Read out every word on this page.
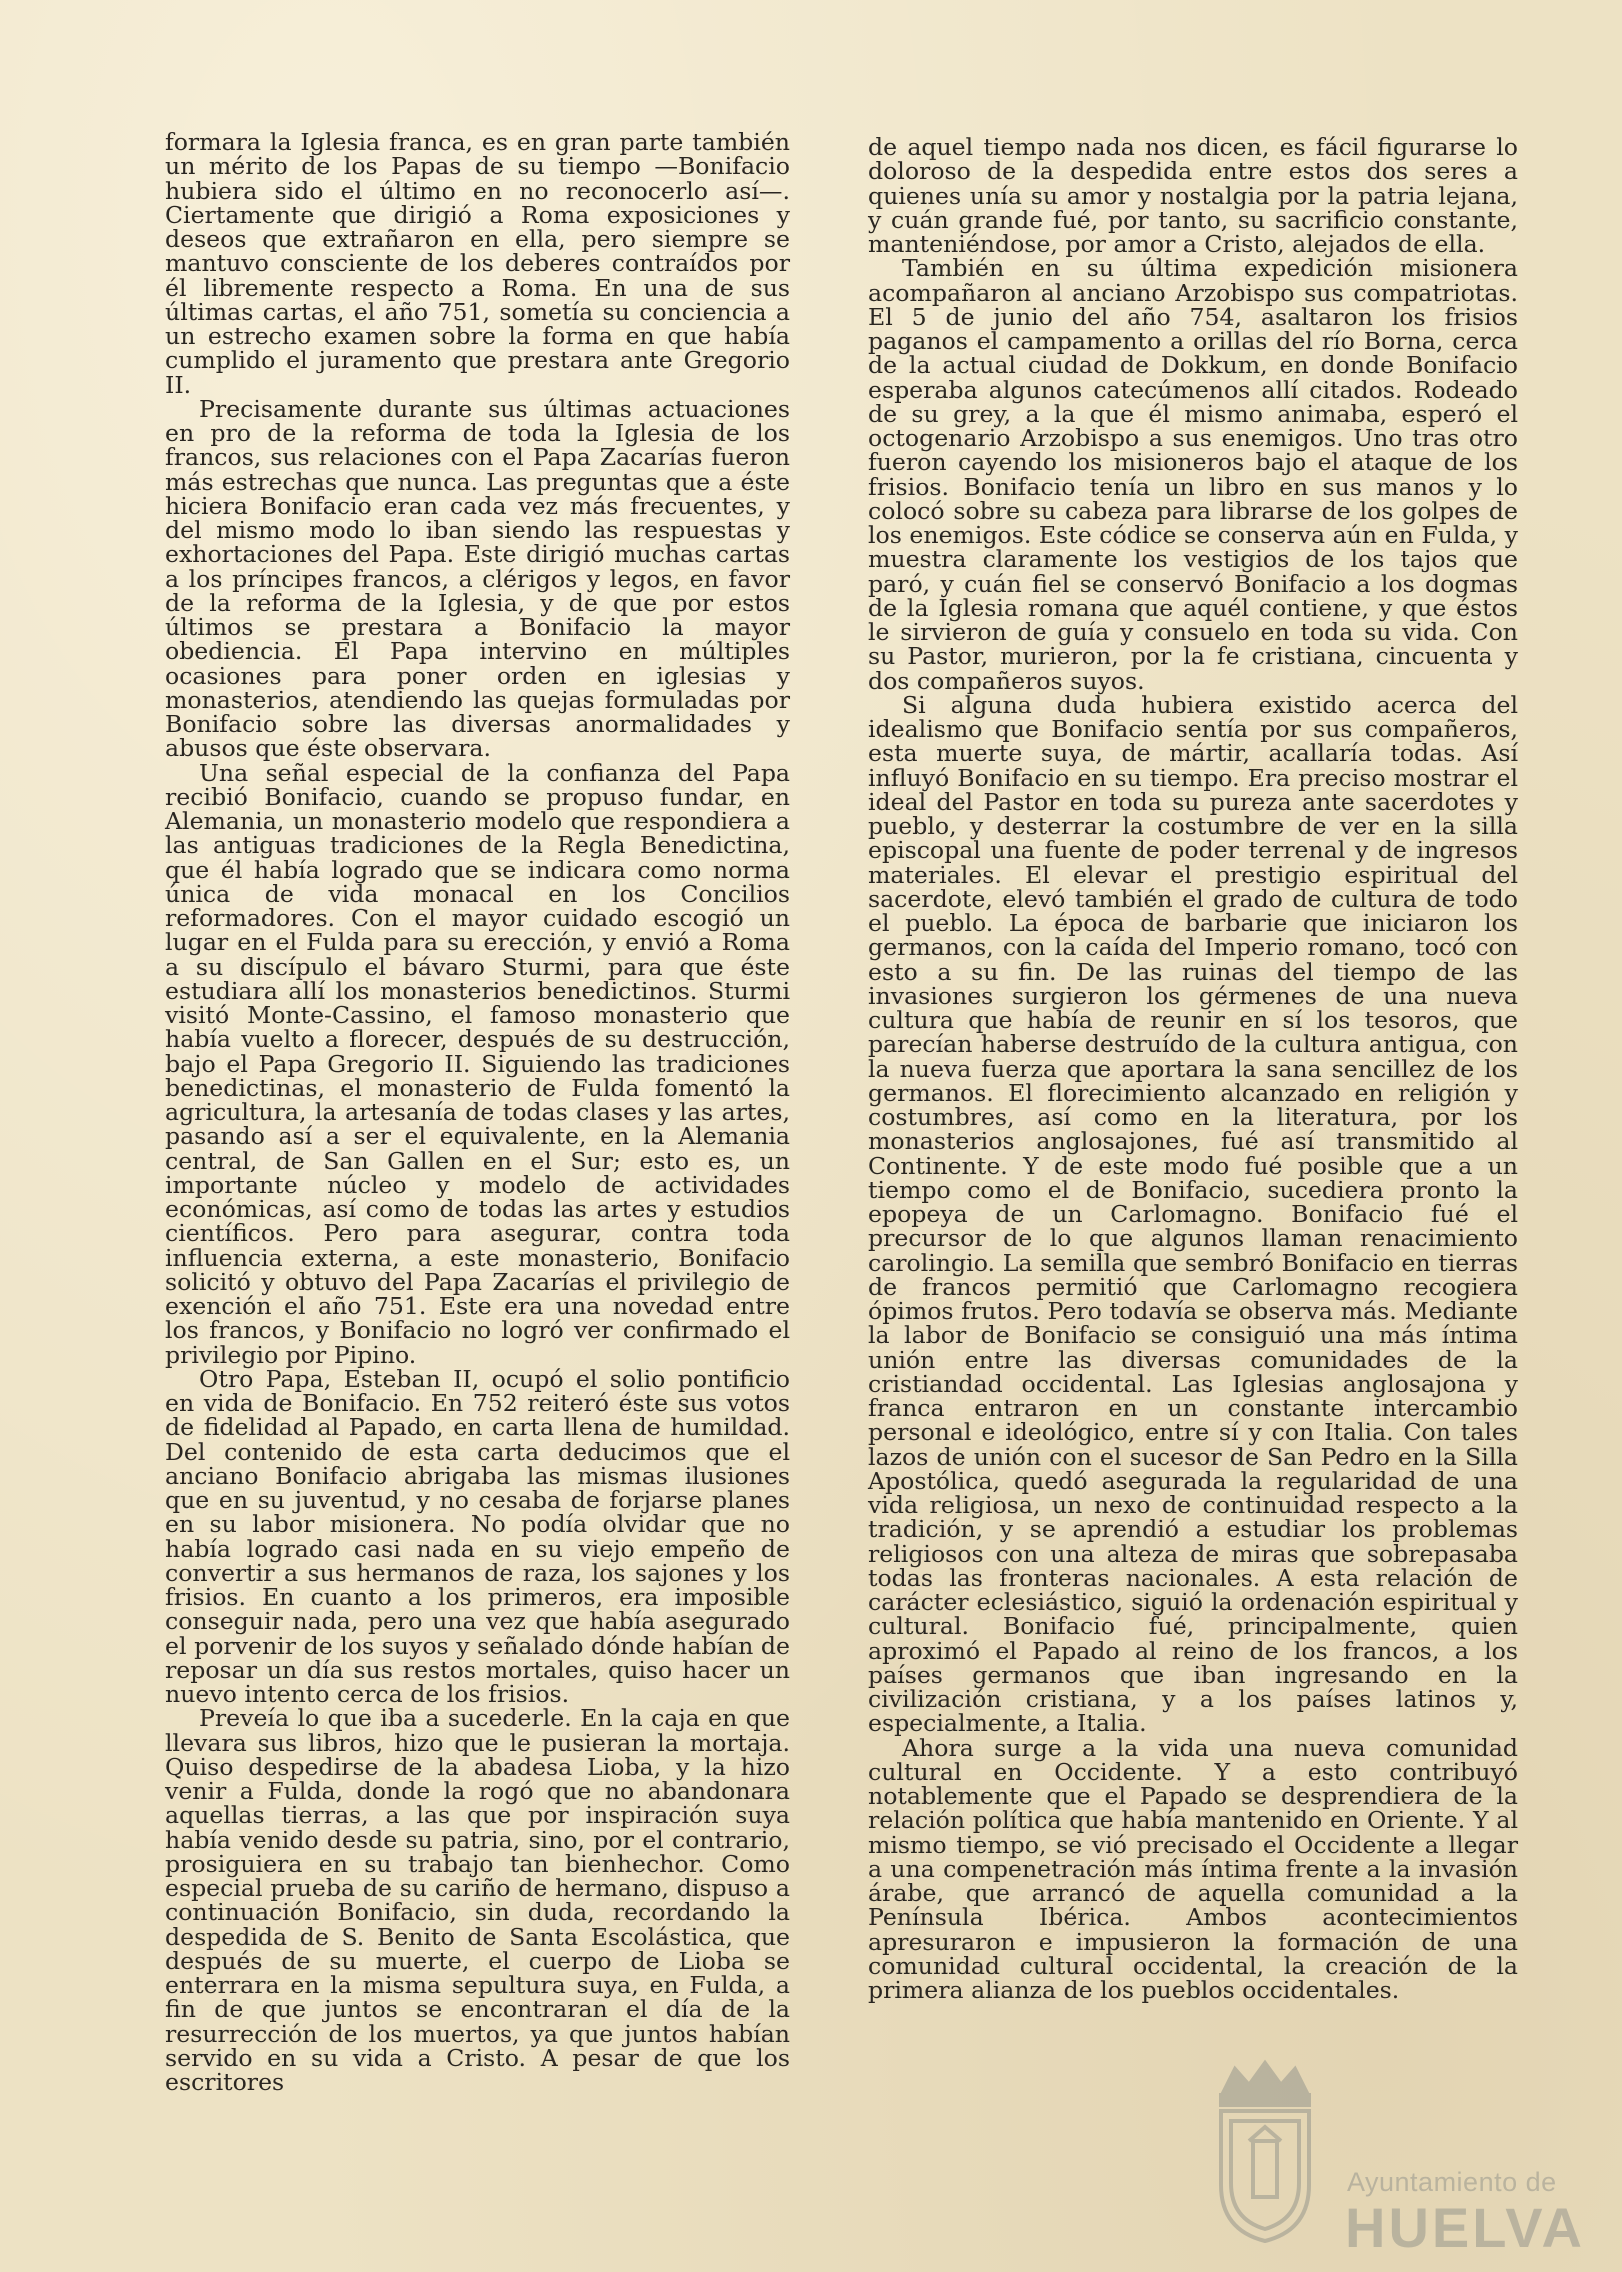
formara la Iglesia franca, es en gran parte también un mérito de los Papas de su tiempo —Bonifacio hubiera sido el último en no reconocerlo así—. Ciertamente que dirigió a Roma exposiciones y deseos que extrañaron en ella, pero siempre se mantuvo consciente de los deberes contraídos por él libremente respecto a Roma. En una de sus últimas cartas, el año 751, sometía su conciencia a un estrecho examen sobre la forma en que había cumplido el juramento que prestara ante Gregorio II.

Precisamente durante sus últimas actuaciones en pro de la reforma de toda la Iglesia de los francos, sus relaciones con el Papa Zacarías fueron más estrechas que nunca. Las preguntas que a éste hiciera Bonifacio eran cada vez más frecuentes, y del mismo modo lo iban siendo las respuestas y exhortaciones del Papa. Este dirigió muchas cartas a los príncipes francos, a clérigos y legos, en favor de la reforma de la Iglesia, y de que por estos últimos se prestara a Bonifacio la mayor obediencia. El Papa intervino en múltiples ocasiones para poner orden en iglesias y monasterios, atendiendo las quejas formuladas por Bonifacio sobre las diversas anormalidades y abusos que éste observara.

Una señal especial de la confianza del Papa recibió Bonifacio, cuando se propuso fundar, en Alemania, un monasterio modelo que respondiera a las antiguas tradiciones de la Regla Benedictina, que él había logrado que se indicara como norma única de vida monacal en los Concilios reformadores. Con el mayor cuidado escogió un lugar en el Fulda para su erección, y envió a Roma a su discípulo el bávaro Sturmi, para que éste estudiara allí los monasterios benedictinos. Sturmi visitó Monte-Cassino, el famoso monasterio que había vuelto a florecer, después de su destrucción, bajo el Papa Gregorio II. Siguiendo las tradiciones benedictinas, el monasterio de Fulda fomentó la agricultura, la artesanía de todas clases y las artes, pasando así a ser el equivalente, en la Alemania central, de San Gallen en el Sur; esto es, un importante núcleo y modelo de actividades económicas, así como de todas las artes y estudios científicos. Pero para asegurar, contra toda influencia externa, a este monasterio, Bonifacio solicitó y obtuvo del Papa Zacarías el privilegio de exención el año 751. Este era una novedad entre los francos, y Bonifacio no logró ver confirmado el privilegio por Pipino.

Otro Papa, Esteban II, ocupó el solio pontificio en vida de Bonifacio. En 752 reiteró éste sus votos de fidelidad al Papado, en carta llena de humildad. Del contenido de esta carta deducimos que el anciano Bonifacio abrigaba las mismas ilusiones que en su juventud, y no cesaba de forjarse planes en su labor misionera. No podía olvidar que no había logrado casi nada en su viejo empeño de convertir a sus hermanos de raza, los sajones y los frisios. En cuanto a los primeros, era imposible conseguir nada, pero una vez que había asegurado el porvenir de los suyos y señalado dónde habían de reposar un día sus restos mortales, quiso hacer un nuevo intento cerca de los frisios.

Preveía lo que iba a sucederle. En la caja en que llevara sus libros, hizo que le pusieran la mortaja. Quiso despedirse de la abadesa Lioba, y la hizo venir a Fulda, donde la rogó que no abandonara aquellas tierras, a las que por inspiración suya había venido desde su patria, sino, por el contrario, prosiguiera en su trabajo tan bienhechor. Como especial prueba de su cariño de hermano, dispuso a continuación Bonifacio, sin duda, recordando la despedida de S. Benito de Santa Escolástica, que después de su muerte, el cuerpo de Lioba se enterrara en la misma sepultura suya, en Fulda, a fin de que juntos se encontraran el día de la resurrección de los muertos, ya que juntos habían servido en su vida a Cristo. A pesar de que los escritores

de aquel tiempo nada nos dicen, es fácil figurarse lo doloroso de la despedida entre estos dos seres a quienes unía su amor y nostalgia por la patria lejana, y cuán grande fué, por tanto, su sacrificio constante, manteniéndose, por amor a Cristo, alejados de ella.

También en su última expedición misionera acompañaron al anciano Arzobispo sus compatriotas. El 5 de junio del año 754, asaltaron los frisios paganos el campamento a orillas del río Borna, cerca de la actual ciudad de Dokkum, en donde Bonifacio esperaba algunos catecúmenos allí citados. Rodeado de su grey, a la que él mismo animaba, esperó el octogenario Arzobispo a sus enemigos. Uno tras otro fueron cayendo los misioneros bajo el ataque de los frisios. Bonifacio tenía un libro en sus manos y lo colocó sobre su cabeza para librarse de los golpes de los enemigos. Este códice se conserva aún en Fulda, y muestra claramente los vestigios de los tajos que paró, y cuán fiel se conservó Bonifacio a los dogmas de la Iglesia romana que aquél contiene, y que éstos le sirvieron de guía y consuelo en toda su vida. Con su Pastor, murieron, por la fe cristiana, cincuenta y dos compañeros suyos.

Si alguna duda hubiera existido acerca del idealismo que Bonifacio sentía por sus compañeros, esta muerte suya, de mártir, acallaría todas. Así influyó Bonifacio en su tiempo. Era preciso mostrar el ideal del Pastor en toda su pureza ante sacerdotes y pueblo, y desterrar la costumbre de ver en la silla episcopal una fuente de poder terrenal y de ingresos materiales. El elevar el prestigio espiritual del sacerdote, elevó también el grado de cultura de todo el pueblo. La época de barbarie que iniciaron los germanos, con la caída del Imperio romano, tocó con esto a su fin. De las ruinas del tiempo de las invasiones surgieron los gérmenes de una nueva cultura que había de reunir en sí los tesoros, que parecían haberse destruído de la cultura antigua, con la nueva fuerza que aportara la sana sencillez de los germanos. El florecimiento alcanzado en religión y costumbres, así como en la literatura, por los monasterios anglosajones, fué así transmitido al Continente. Y de este modo fué posible que a un tiempo como el de Bonifacio, sucediera pronto la epopeya de un Carlomagno. Bonifacio fué el precursor de lo que algunos llaman renacimiento carolingio. La semilla que sembró Bonifacio en tierras de francos permitió que Carlomagno recogiera ópimos frutos. Pero todavía se observa más. Mediante la labor de Bonifacio se consiguió una más íntima unión entre las diversas comunidades de la cristiandad occidental. Las Iglesias anglosajona y franca entraron en un constante intercambio personal e ideológico, entre sí y con Italia. Con tales lazos de unión con el sucesor de San Pedro en la Silla Apostólica, quedó asegurada la regularidad de una vida religiosa, un nexo de continuidad respecto a la tradición, y se aprendió a estudiar los problemas religiosos con una alteza de miras que sobrepasaba todas las fronteras nacionales. A esta relación de carácter eclesiástico, siguió la ordenación espiritual y cultural. Bonifacio fué, principalmente, quien aproximó el Papado al reino de los francos, a los países germanos que iban ingresando en la civilización cristiana, y a los países latinos y, especialmente, a Italia.

Ahora surge a la vida una nueva comunidad cultural en Occidente. Y a esto contribuyó notablemente que el Papado se desprendiera de la relación política que había mantenido en Oriente. Y al mismo tiempo, se vió precisado el Occidente a llegar a una compenetración más íntima frente a la invasión árabe, que arrancó de aquella comunidad a la Península Ibérica. Ambos acontecimientos apresuraron e impusieron la formación de una comunidad cultural occidental, la creación de la primera alianza de los pueblos occidentales.

Ayuntamiento de
HUELVA
